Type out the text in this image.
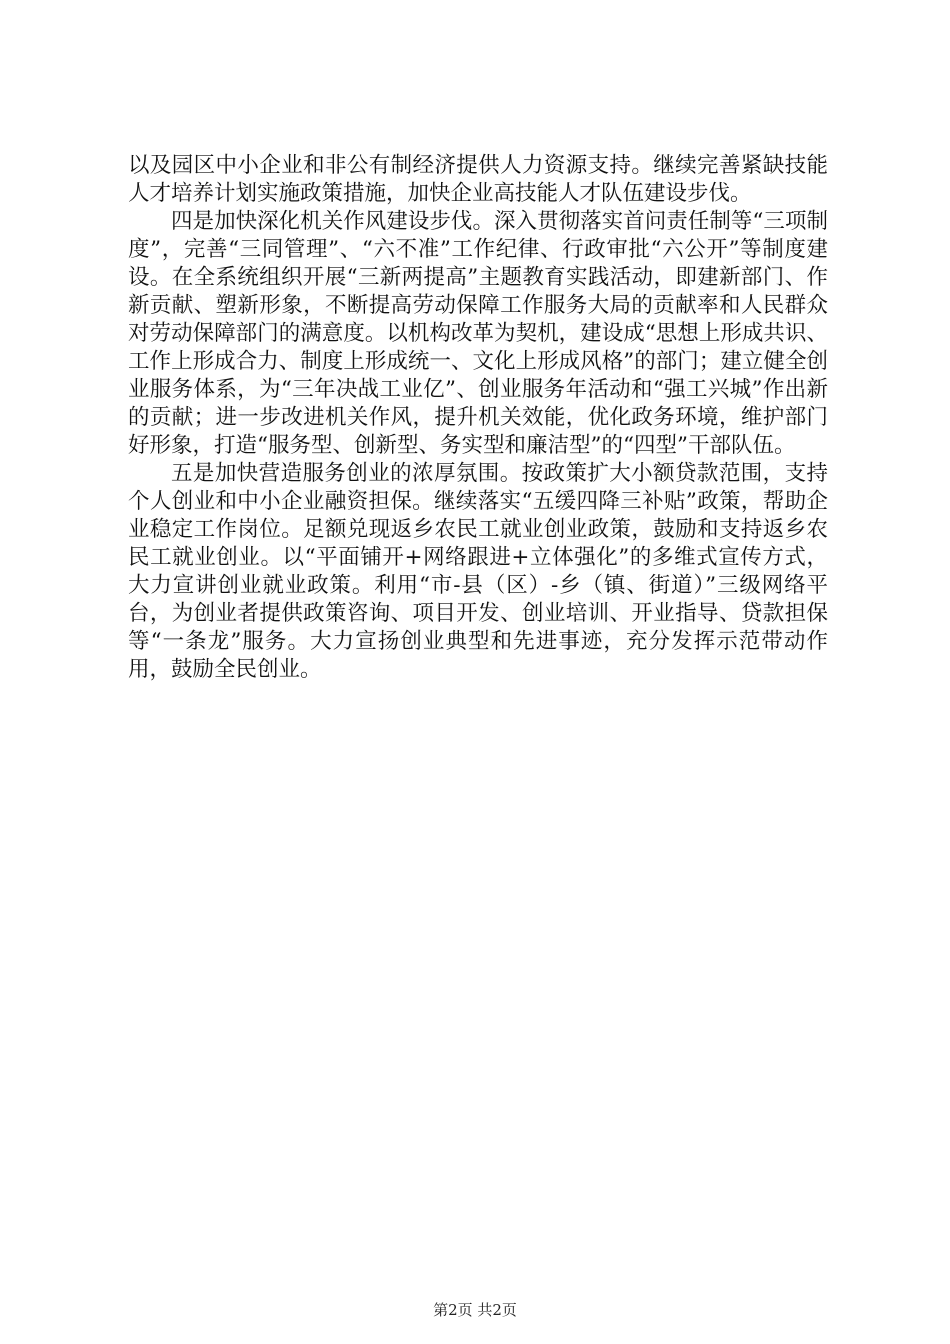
以及园区中小企业和非公有制经济提供人力资源支持。继续完善紧缺技能人才培养计划实施政策措施，加快企业高技能人才队伍建设步伐。

四是加快深化机关作风建设步伐。深入贯彻落实首问责任制等“三项制度”，完善“三同管理”、“六不准”工作纪律、行政审批“六公开”等制度建设。在全系统组织开展“三新两提高”主题教育实践活动，即建新部门、作新贡献、塑新形象，不断提高劳动保障工作服务大局的贡献率和人民群众对劳动保障部门的满意度。以机构改革为契机，建设成“思想上形成共识、工作上形成合力、制度上形成统一、文化上形成风格”的部门；建立健全创业服务体系，为“三年决战工业亿”、创业服务年活动和“强工兴城”作出新的贡献；进一步改进机关作风，提升机关效能，优化政务环境，维护部门好形象，打造“服务型、创新型、务实型和廉洁型”的“四型”干部队伍。

五是加快营造服务创业的浓厚氛围。按政策扩大小额贷款范围，支持个人创业和中小企业融资担保。继续落实“五缓四降三补贴”政策，帮助企业稳定工作岗位。足额兑现返乡农民工就业创业政策，鼓励和支持返乡农民工就业创业。以“平面铺开+网络跟进+立体强化”的多维式宣传方式，大力宣讲创业就业政策。利用“市-县（区）-乡（镇、街道）”三级网络平台，为创业者提供政策咨询、项目开发、创业培训、开业指导、贷款担保等“一条龙”服务。大力宣扬创业典型和先进事迹，充分发挥示范带动作用，鼓励全民创业。

第2页 共2页
